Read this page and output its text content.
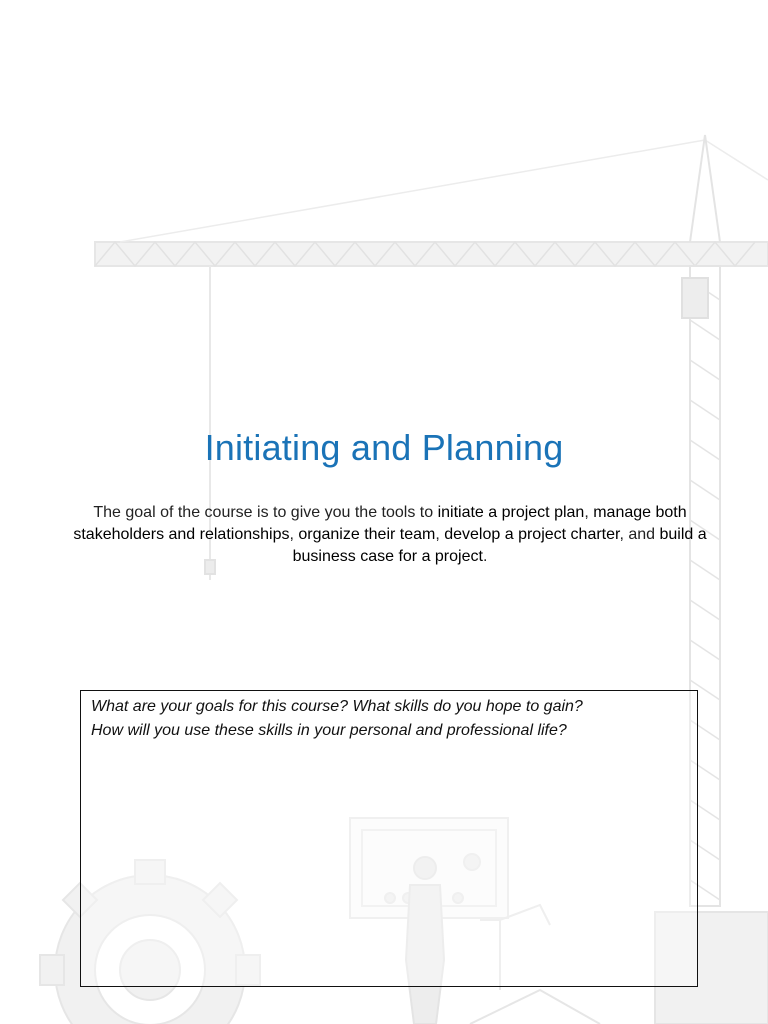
Initiating and Planning

The goal of the course is to give you the tools to initiate a project plan, manage both stakeholders and relationships, organize their team, develop a project charter, and build a business case for a project.

What are your goals for this course? What skills do you hope to gain?

How will you use these skills in your personal and professional life?
